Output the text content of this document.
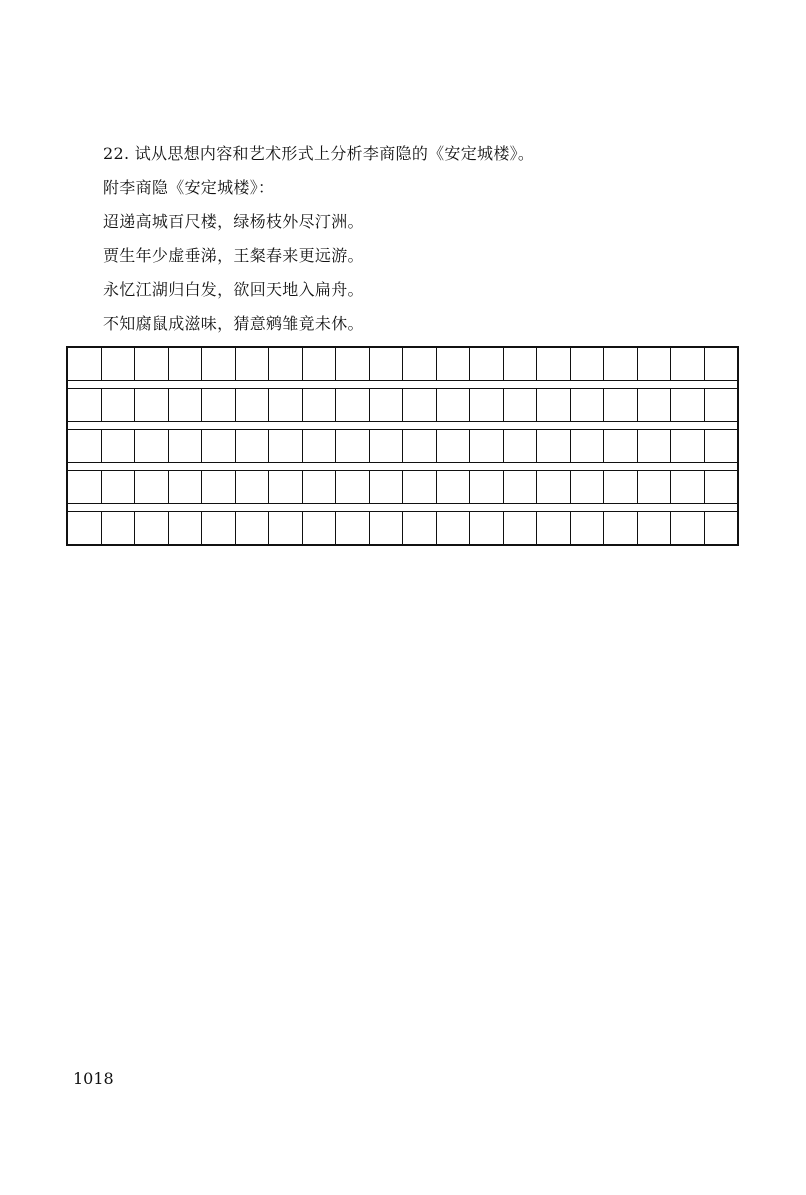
22. 试从思想内容和艺术形式上分析李商隐的《安定城楼》。
附李商隐《安定城楼》：
迢递高城百尺楼，绿杨枝外尽汀洲。
贾生年少虚垂涕，王粲春来更远游。
永忆江湖归白发，欲回天地入扁舟。
不知腐鼠成滋味，猜意鹓雏竟未休。
1018
